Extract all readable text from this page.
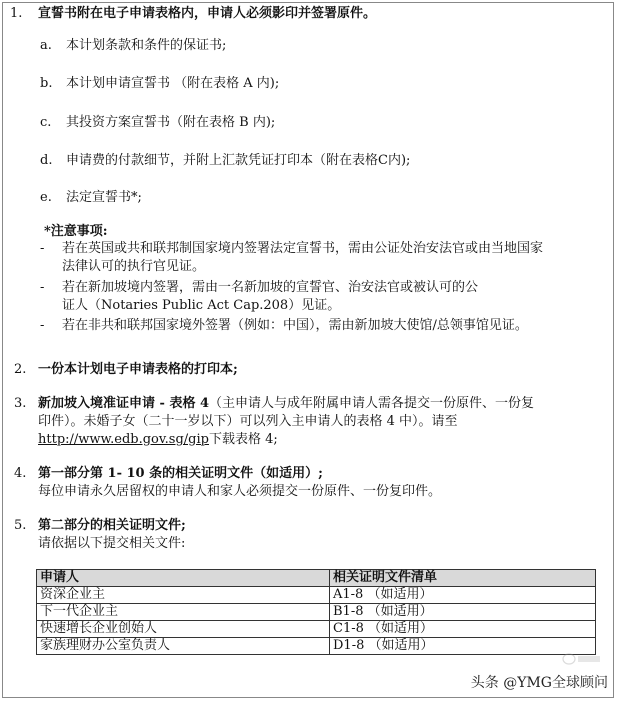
1. 宣誓书附在电子申请表格内，申请人必须影印并签署原件。
a. 本计划条款和条件的保证书;
b. 本计划申请宣誓书 （附在表格 A 内);
c. 其投资方案宣誓书（附在表格 B 内);
d. 申请费的付款细节，并附上汇款凭证打印本（附在表格C内);
e. 法定宣誓书*;
*注意事项:
- 若在英国或共和联邦制国家境内签署法定宣誓书，需由公证处治安法官或由当地国家
法律认可的执行官见证。
- 若在新加坡境内签署，需由一名新加坡的宣誓官、治安法官或被认可的公
证人（Notaries Public Act Cap.208）见证。
- 若在非共和联邦国家境外签署（例如：中国），需由新加坡大使馆/总领事馆见证。
2. 一份本计划电子申请表格的打印本;
3. 新加坡入境准证申请 - 表格 4（主申请人与成年附属申请人需各提交一份原件、一份复
印件）。未婚子女（二十一岁以下）可以列入主申请人的表格 4 中）。请至
http://www.edb.gov.sg/gip下载表格 4;
4. 第一部分第 1- 10 条的相关证明文件（如适用）;
每位申请永久居留权的申请人和家人必须提交一份原件、一份复印件。
5. 第二部分的相关证明文件;
请依据以下提交相关文件:
申请人	相关证明文件清单
资深企业主	A1-8 （如适用）
下一代企业主	B1-8 （如适用）
快速增长企业创始人	C1-8 （如适用）
家族理财办公室负责人	D1-8 （如适用）
头条 @YMG全球顾问
